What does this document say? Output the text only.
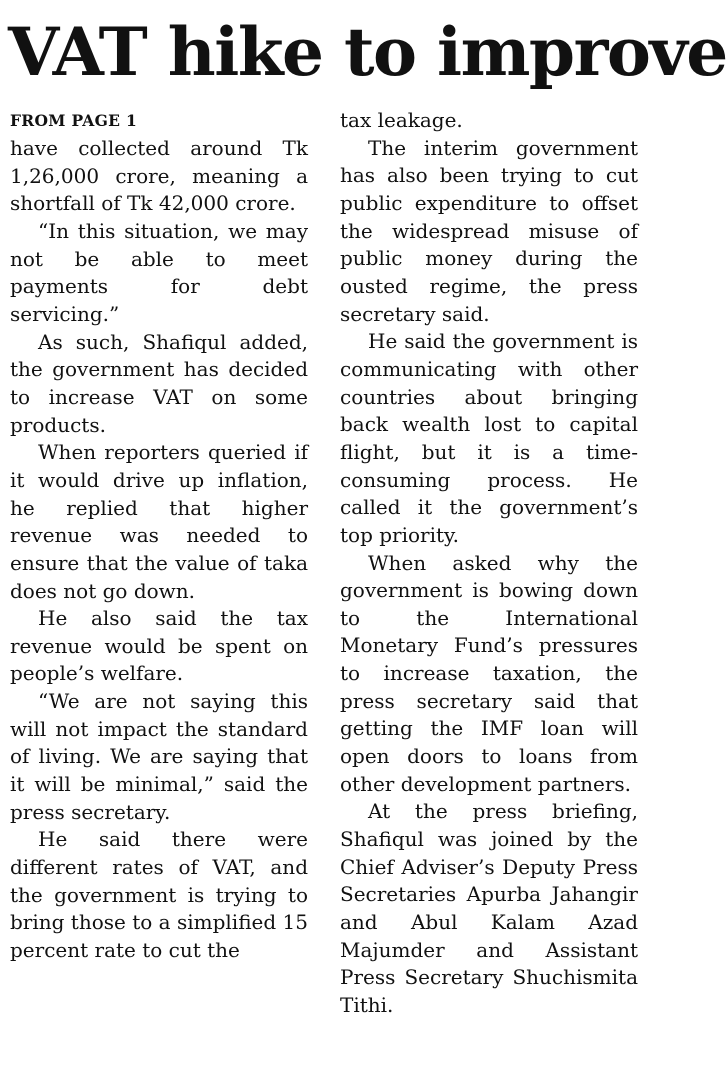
VAT hike to improve
FROM PAGE 1

have collected around Tk 1,26,000 crore, meaning a shortfall of Tk 42,000 crore.

“In this situation, we may not be able to meet payments for debt servicing.”

As such, Shafiqul added, the government has decided to increase VAT on some products.

When reporters queried if it would drive up inflation, he replied that higher revenue was needed to ensure that the value of taka does not go down.

He also said the tax revenue would be spent on people’s welfare.

“We are not saying this will not impact the standard of living. We are saying that it will be minimal,” said the press secretary.

He said there were different rates of VAT, and the government is trying to bring those to a simplified 15 percent rate to cut the

tax leakage.

The interim government has also been trying to cut public expenditure to offset the widespread misuse of public money during the ousted regime, the press secretary said.

He said the government is communicating with other countries about bringing back wealth lost to capital flight, but it is a time-consuming process. He called it the government’s top priority.

When asked why the government is bowing down to the International Monetary Fund’s pressures to increase taxation, the press secretary said that getting the IMF loan will open doors to loans from other development partners.

At the press briefing, Shafiqul was joined by the Chief Adviser’s Deputy Press Secretaries Apurba Jahangir and Abul Kalam Azad Majumder and Assistant Press Secretary Shuchismita Tithi.
